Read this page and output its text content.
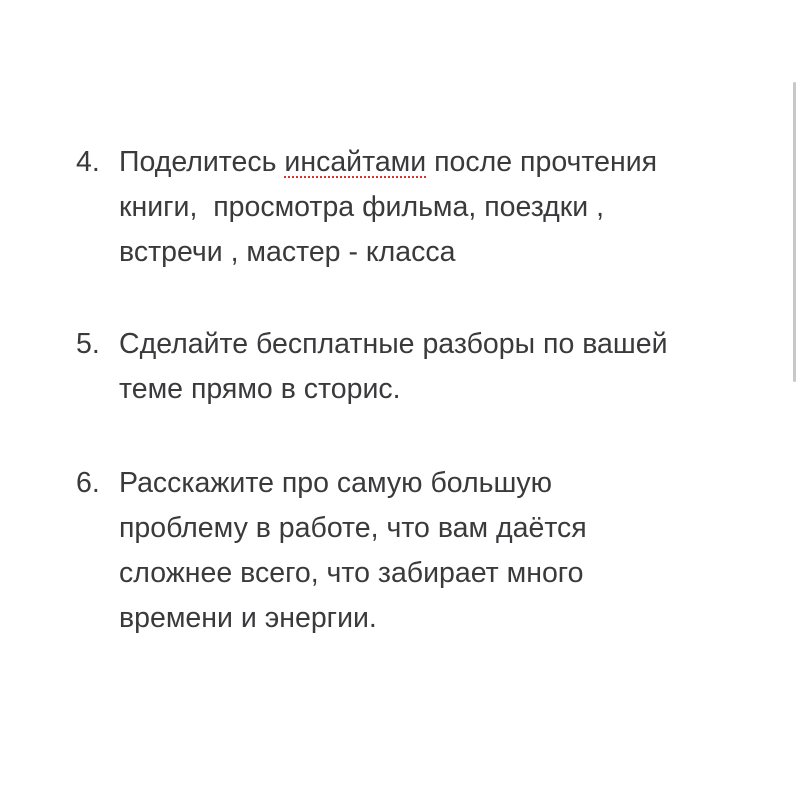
4. Поделитесь инсайтами после прочтения
книги,  просмотра фильма, поездки ,
встречи , мастер - класса
5. Сделайте бесплатные разборы по вашей
теме прямо в сторис.
6. Расскажите про самую большую
проблему в работе, что вам даётся
сложнее всего, что забирает много
времени и энергии.
